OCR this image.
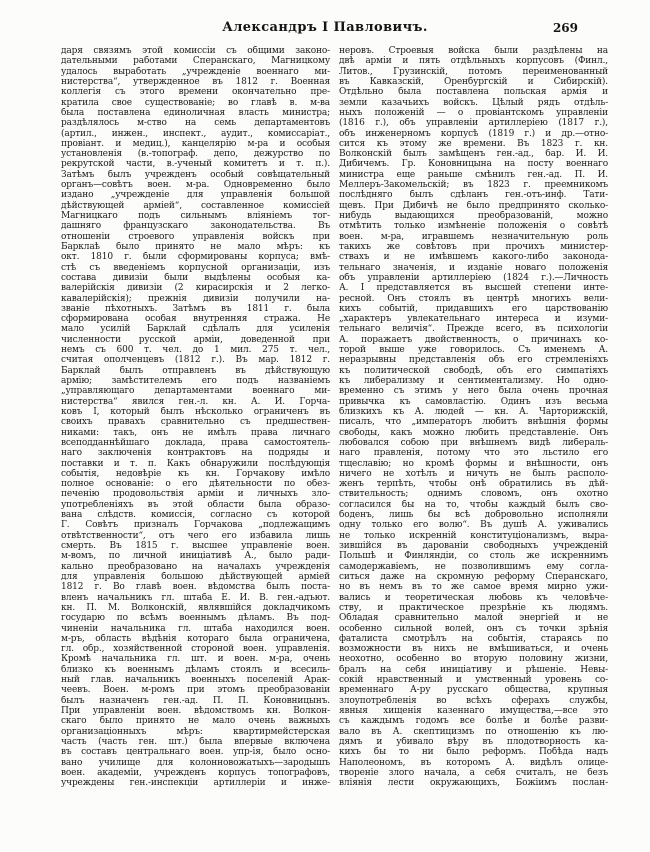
Александръ I Павловичъ.	269
даря связямъ этой комиссіи съ общими законо-
дательными работами Сперанскаго, Магницкому
удалось выработать „учрежденіе военнаго ми-
нистерства“, утвержденное въ 1812 г. Военная
коллегія съ этого времени окончательно пре-
кратила свое существованіе; во главѣ в. м-ва
была поставлена единоличная власть министра;
раздѣлялось м-ство на семь департаментовъ
(артил., инжен., инспект., аудит., комиссаріат.,
провіант. и медиц.), канцелярію м-ра и особыя
установленія (в.-топограф. депо, дежурство по
рекрутской части, в.-ученый комитетъ и т. п.).
Затѣмъ былъ учрежденъ особый совѣщательный
органъ—совѣтъ воен. м-ра. Одновременно было
издано „учрежденіе для управленія большой
дѣйствующей арміей“, составленное комиссіей
Магницкаго подъ сильнымъ вліяніемъ тог-
дашняго французскаго законодательства. Въ
отношеніи строевого управленія войскъ при
Барклаѣ было принято не мало мѣръ: къ
окт. 1810 г. были сформированы корпуса; вмѣ-
стѣ съ введеніемъ корпусной организаціи, изъ
состава дивизіи были выдѣлены особыя ка-
валерійскія дивизіи (2 кирасирскія и 2 легко-
кавалерійскія); прежнія дивизіи получили на-
званіе пѣхотныхъ. Затѣмъ въ 1811 г. была
сформирована особая внутренняя стража. Не
мало усилій Барклай сдѣлалъ для усиленія
численности русской арміи, доведенной при
немъ съ 600 т. чел. до 1 мил. 275 т. чел.,
считая ополченцевъ (1812 г.). Въ мар. 1812 г.
Барклай былъ отправленъ въ дѣйствующую
армію; замѣстителемъ его подъ названіемъ
„управляющаго департаментами военнаго ми-
нистерства“ явился ген.-л. кн. А. И. Горча-
ковъ I, который былъ нѣсколько ограниченъ въ
своихъ правахъ сравнительно съ предшествен-
никами: такъ, онъ не имѣлъ права личнаго
всеподданнѣйшаго доклада, права самостоятель-
наго заключенія контрактовъ на подряды и
поставки и т. п. Какъ обнаружили послѣдующія
событія, недовѣріе къ кн. Горчакову имѣло
полное основаніе: о его дѣятельности по обез-
печенію продовольствія арміи и личныхъ зло-
употребленіяхъ въ этой области была образо-
вана слѣдств. комиссія, согласно съ которой
Г. Совѣтъ призналъ Горчакова „подлежащимъ
отвѣтственности“, отъ чего его избавила лишь
смерть. Въ 1815 г. высшее управленіе воен.
м-вомъ, по личной иниціативѣ А., было ради-
кально преобразовано на началахъ учрежденія
для управленія большою дѣйствующей арміей
1812 г. Во главѣ воен. вѣдомства былъ поста-
вленъ начальникъ гл. штаба Е. И. В. ген.-адъют.
кн. П. М. Волконскій, являвшійся докладчикомъ
государю по всѣмъ военнымъ дѣламъ. Въ под-
чиненіи начальника гл. штаба находился воен.
м-ръ, область вѣдѣнія котораго была ограничена,
гл. обр., хозяйственной стороной воен. управленія.
Кромѣ начальника гл. шт. и воен. м-ра, очень
близко къ военнымъ дѣламъ стоялъ и всесиль-
ный глав. начальникъ военныхъ поселеній Арак-
чеевъ. Воен. м-ромъ при этомъ преобразованіи
былъ назначенъ ген.-ад. П. П. Коновницынъ.
При управленіи воен. вѣдомствомъ кн. Волкон-
скаго было принято не мало очень важныхъ
организаціонныхъ мѣръ: квартирмейстерская
часть (часть ген. шт.) была впервые включена
въ составъ центральнаго воен. упр-ія, было осно-
вано училище для колонновожатыхъ—зародышъ
воен. академіи, учрежденъ корпусъ топографовъ,
учреждены ген.-инспекціи артиллеріи и инже-
неровъ. Строевыя войска были раздѣлены на
двѣ арміи и пять отдѣльныхъ корпусовъ (Финл.,
Литов., Грузинскій, потомъ переименованный
въ Кавказскій, Оренбургскій и Сибирскій).
Отдѣльно была поставлена польская армія и
земли казачьихъ войскъ. Цѣлый рядъ отдѣль-
ныхъ положеній — о провіантскомъ управленіи
(1816 г.), объ управленіи артиллеріею (1817 г.),
объ инженерномъ корпусѣ (1819 г.) и др.—отно-
сится къ этому же времени. Въ 1823 г. кн.
Волконскій былъ замѣщенъ ген.-ад., бар. И. И.
Дибичемъ. Гр. Коновницына на посту военнаго
министра еще раньше смѣнилъ ген.-ад. П. И.
Меллеръ-Закомельскій; въ 1823 г. преемникомъ
послѣдняго былъ сдѣланъ ген.-отъ-инф. Тати-
щевъ. При Дибичѣ не было предпринято сколько-
нибудь выдающихся преобразованій, можно
отмѣтить только измѣненіе положенія о совѣтѣ
воен. м-ра, игравшемъ незначительную роль
такихъ же совѣтовъ при прочихъ министер-
ствахъ и не имѣвшемъ какого-либо законода-
тельнаго значенія, и изданіе новаго положенія
объ управленіи артиллеріею (1824 г.).—Личность
А. I представляется въ высшей степени инте-
ресной. Онъ стоялъ въ центрѣ многихъ вели-
кихъ событій, придавшихъ его царствованію
„характеръ увлекательнаго интереса и изуми-
тельнаго величія“. Прежде всего, въ психологіи
А. поражаетъ двойственность, о причинахъ ко-
торой выше уже говорилось. Съ именемъ А.
неразрывны представленія объ его стремленіяхъ
къ политической свободѣ, объ его симпатіяхъ
къ либерализму и сентиментализму. Но одно-
временно съ этимъ у него была очень прочная
привычка къ самовластію. Одинъ изъ весьма
близкихъ къ А. людей — кн. А. Чарторижскій,
писалъ, что „императоръ любитъ внѣшнія формы
свободы, какъ можно любить представленіе. Онъ
любовался собою при внѣшнемъ видѣ либераль-
наго правленія, потому что это льстило его
тщеславію; но кромѣ формы и внѣшности, онъ
ничего не хотѣлъ и ничуть не былъ располо-
женъ терпѣть, чтобы онѣ обратились въ дѣй-
ствительность; однимъ словомъ, онъ охотно
согласился бы на то, чтобы каждый былъ сво-
боденъ, лишь бы всѣ добровольно исполняли
одну только его волю“. Въ душѣ А. уживались
не только искренній конституціонализмъ, выра-
зившійся въ дарованіи свободныхъ учрежденій
Польшѣ и Финляндіи, со столь же искреннимъ
самодержавіемъ, не позволившимъ ему согла-
ситься даже на скромную реформу Сперанскаго,
но въ немъ въ то же самое время мирно ужи-
вались и теоретическая любовь къ человѣче-
ству, и практическое презрѣніе къ людямъ.
Обладая сравнительно малой энергіей и не
особенно сильной волей, онъ съ точки зрѣнія
фаталиста смотрѣлъ на событія, стараясь по
возможности въ нихъ не вмѣшиваться, и очень
неохотно, особенно во вторую половину жизни,
бралъ на себя иниціативу и рѣшеніе. Невы-
сокій нравственный и умственный уровень со-
временнаго А-ру русскаго общества, крупныя
злоупотребленія во всѣхъ сферахъ службы,
явныя хищенія казеннаго имущества,—все это
съ каждымъ годомъ все болѣе и болѣе разви-
вало въ А. скептицизмъ по отношенію къ лю-
дямъ и убивало вѣру въ плодотворность ка-
кихъ бы то ни было реформъ. Побѣда надъ
Наполеономъ, въ которомъ А. видѣлъ олице-
твореніе злого начала, а себя считалъ, не безъ
вліянія лести окружающихъ, Божіимъ послан-
